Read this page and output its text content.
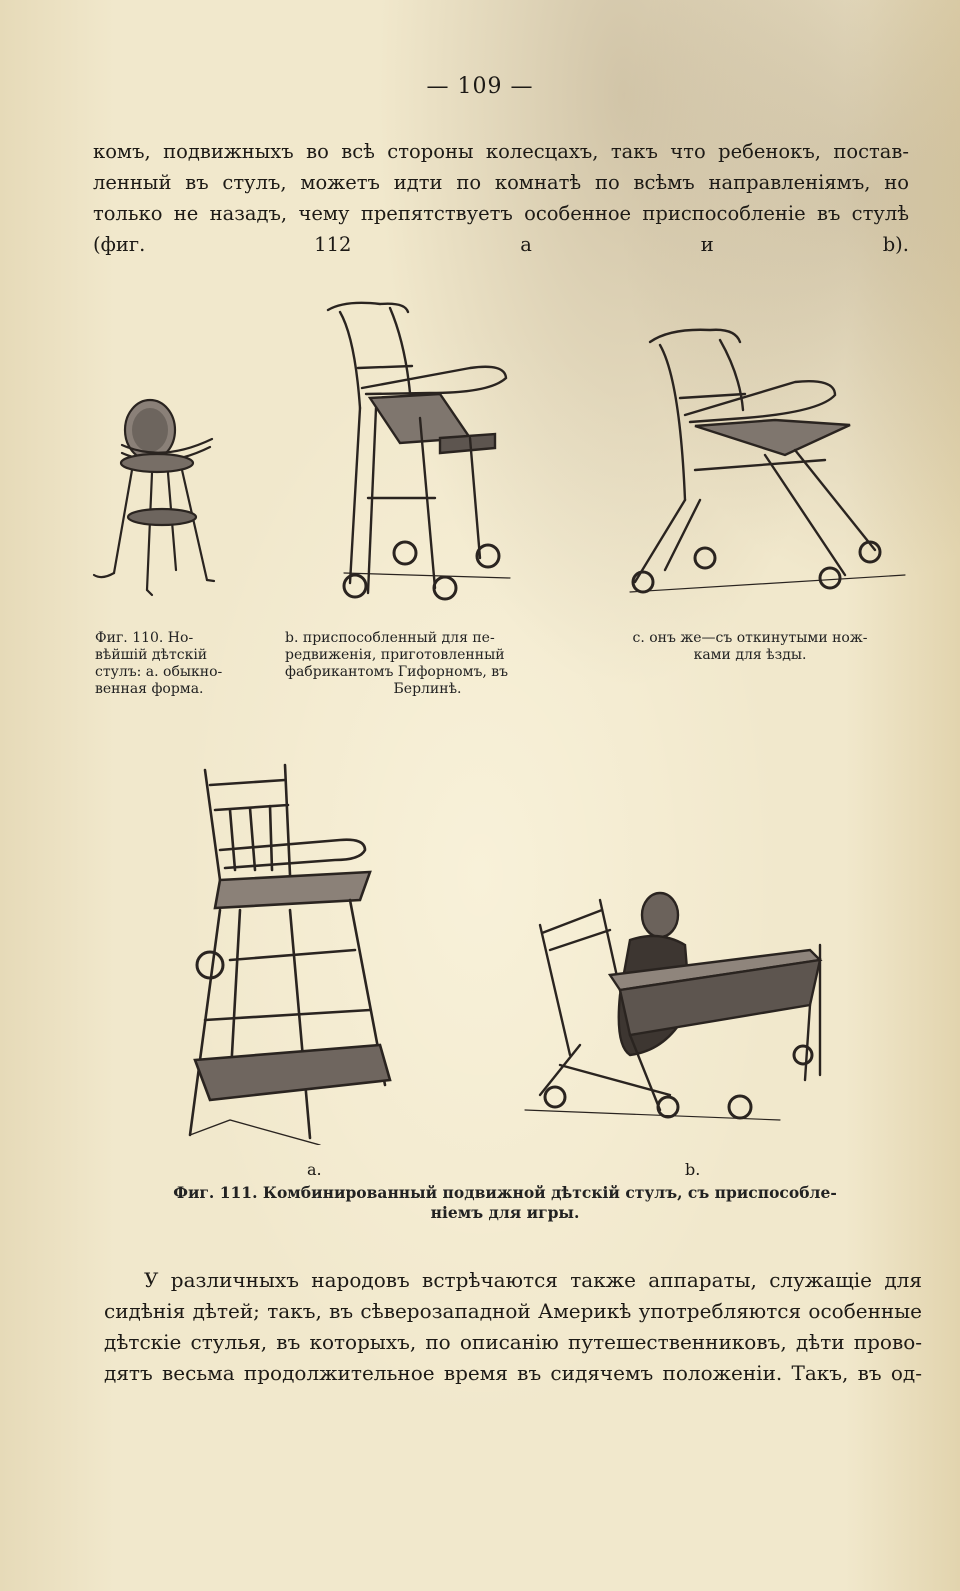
— 109 —
комъ, подвижныхъ во всѣ стороны колесцахъ, такъ что ребенокъ, постав-
ленный въ стулъ, можетъ идти по комнатѣ по всѣмъ направленіямъ, но
только не назадъ, чему препятствуетъ особенное приспособленіе въ стулѣ
(фиг. 112 a и b).
Фиг. 110. Но-
вѣйшій дѣтскій
стулъ: а. обыкно-
венная форма.
b. приспособленный для пе-
редвиженія, приготовленный
фабрикантомъ Гифорномъ, въ
Берлинѣ.
c. онъ же—съ откинутыми нож-
ками для ѣзды.
a.	b.
Фиг. 111. Комбинированный подвижной дѣтскій стулъ, съ приспособле-
ніемъ для игры.
У различныхъ народовъ встрѣчаются также аппараты, служащіе для
сидѣнія дѣтей; такъ, въ сѣверозападной Америкѣ употребляются особенные
дѣтскіе стулья, въ которыхъ, по описанію путешественниковъ, дѣти прово-
дятъ весьма продолжительное время въ сидячемъ положеніи. Такъ, въ од-
